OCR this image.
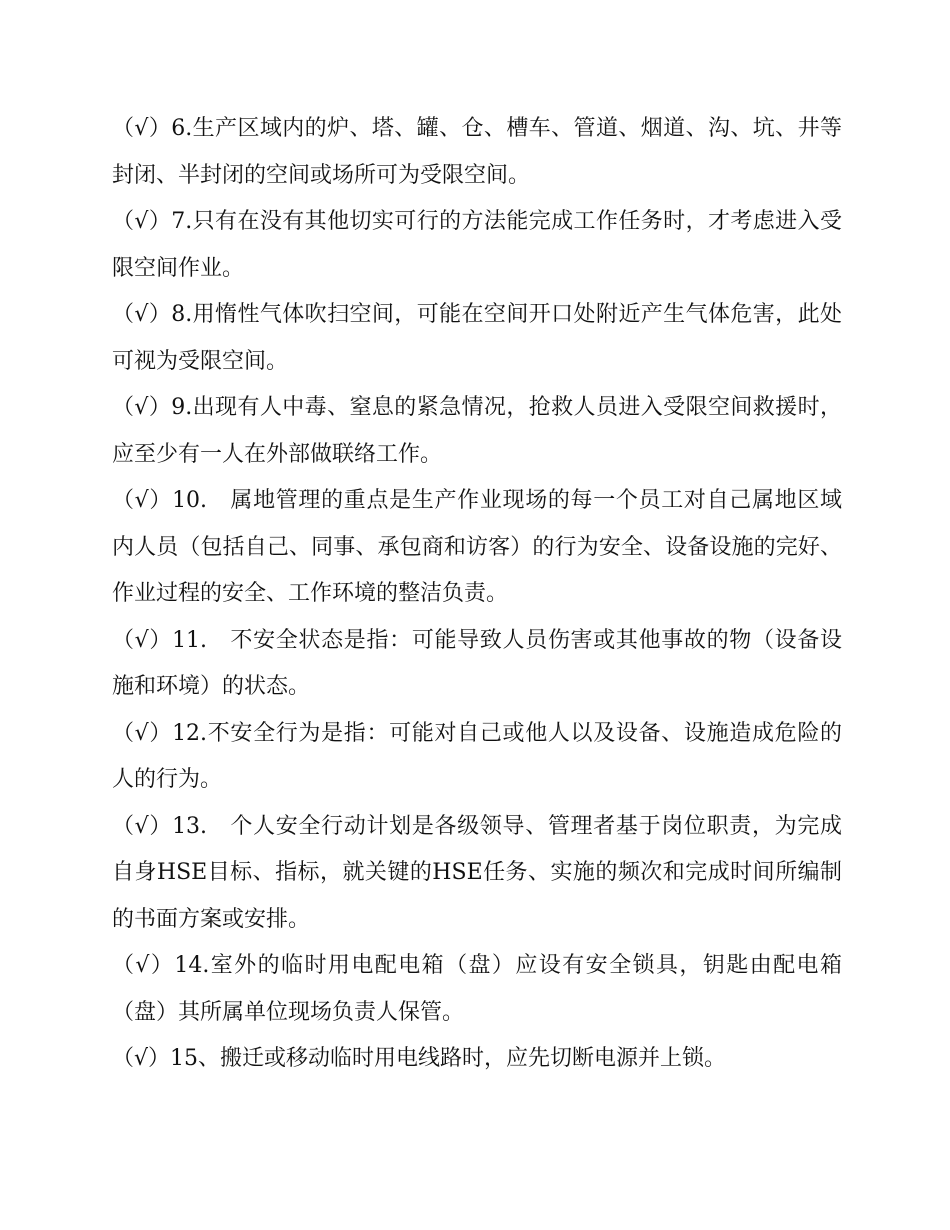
（√）6.生产区域内的炉、塔、罐、仓、槽车、管道、烟道、沟、坑、井等封闭、半封闭的空间或场所可为受限空间。

（√）7.只有在没有其他切实可行的方法能完成工作任务时，才考虑进入受限空间作业。

（√）8.用惰性气体吹扫空间，可能在空间开口处附近产生气体危害，此处可视为受限空间。

（√）9.出现有人中毒、窒息的紧急情况，抢救人员进入受限空间救援时，应至少有一人在外部做联络工作。

（√）10.　属地管理的重点是生产作业现场的每一个员工对自己属地区域内人员（包括自己、同事、承包商和访客）的行为安全、设备设施的完好、作业过程的安全、工作环境的整洁负责。

（√）11.　不安全状态是指：可能导致人员伤害或其他事故的物（设备设施和环境）的状态。

（√）12.不安全行为是指：可能对自己或他人以及设备、设施造成危险的人的行为。

（√）13.　个人安全行动计划是各级领导、管理者基于岗位职责，为完成自身HSE目标、指标，就关键的HSE任务、实施的频次和完成时间所编制的书面方案或安排。

（√）14.室外的临时用电配电箱（盘）应设有安全锁具，钥匙由配电箱（盘）其所属单位现场负责人保管。

（√）15、搬迁或移动临时用电线路时，应先切断电源并上锁。
